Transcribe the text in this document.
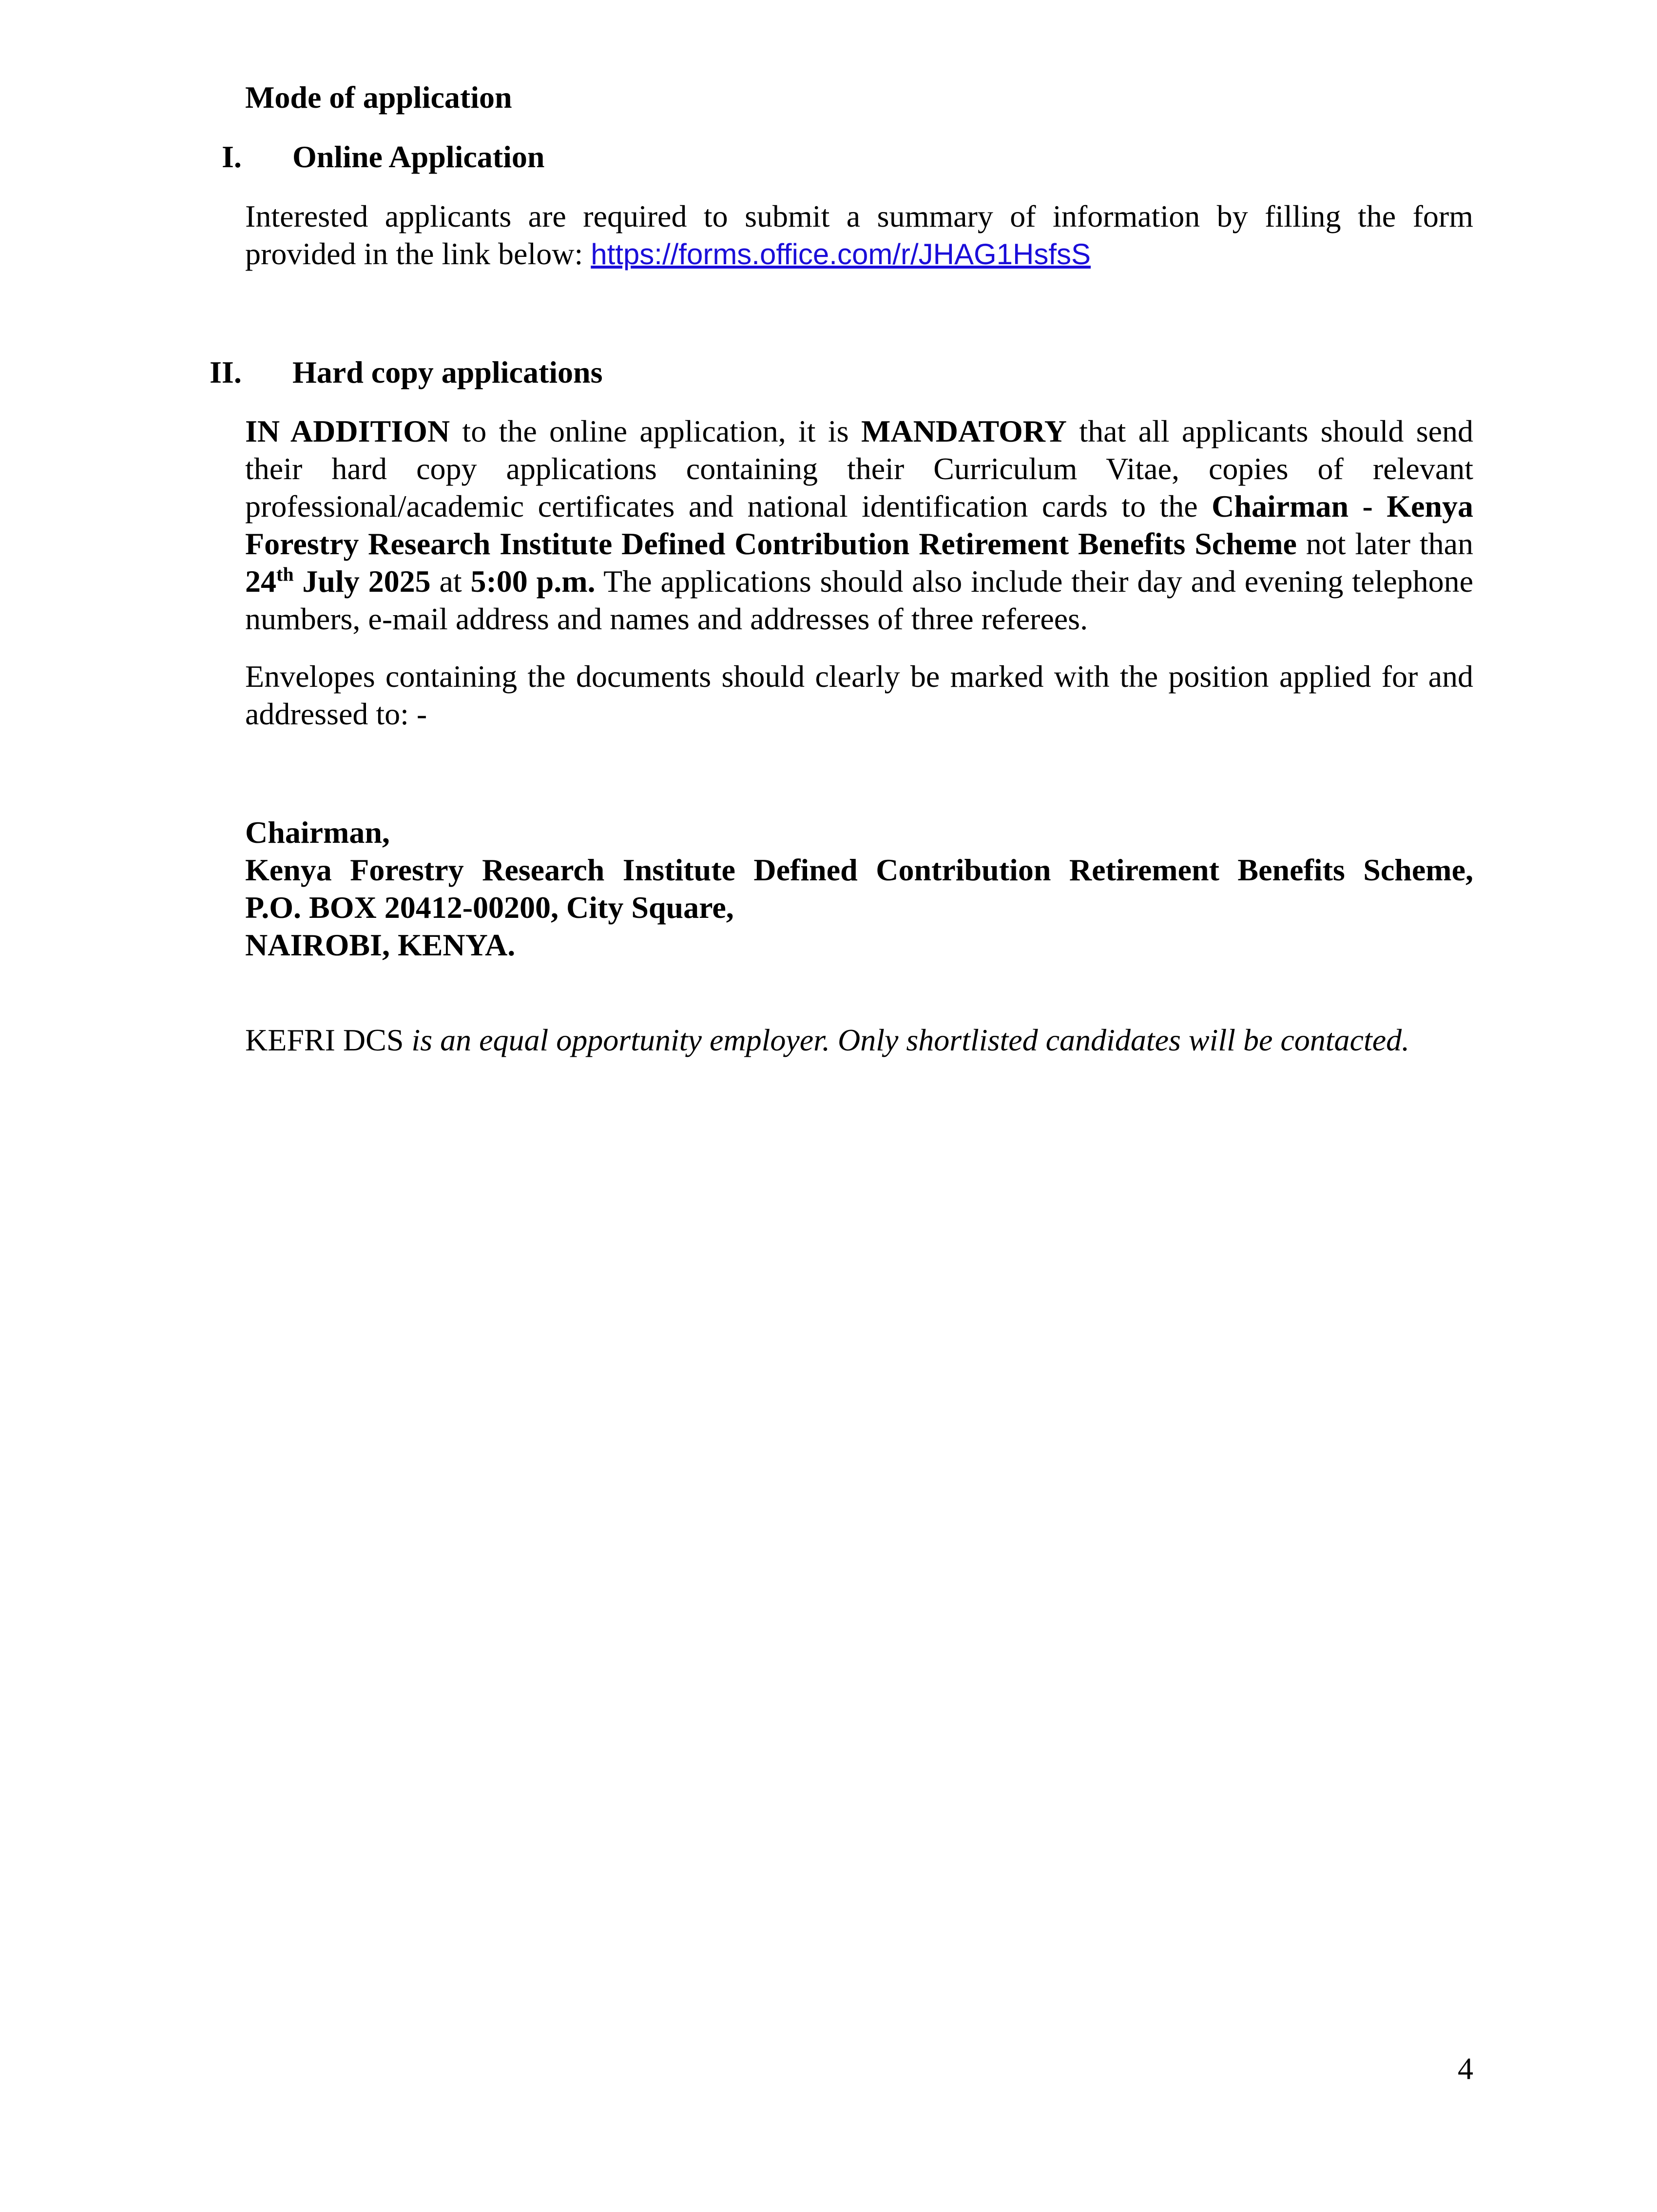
Mode of application
I. Online Application
Interested applicants are required to submit a summary of information by filling the form provided in the link below: https://forms.office.com/r/JHAG1HsfsS
II. Hard copy applications
IN ADDITION to the online application, it is MANDATORY that all applicants should send their hard copy applications containing their Curriculum Vitae, copies of relevant professional/academic certificates and national identification cards to the Chairman - Kenya Forestry Research Institute Defined Contribution Retirement Benefits Scheme not later than 24th July 2025 at 5:00 p.m. The applications should also include their day and evening telephone numbers, e-mail address and names and addresses of three referees.
Envelopes containing the documents should clearly be marked with the position applied for and addressed to: -
Chairman,
Kenya Forestry Research Institute Defined Contribution Retirement Benefits Scheme,
P.O. BOX 20412-00200, City Square,
NAIROBI, KENYA.
KEFRI DCS is an equal opportunity employer. Only shortlisted candidates will be contacted.
4
